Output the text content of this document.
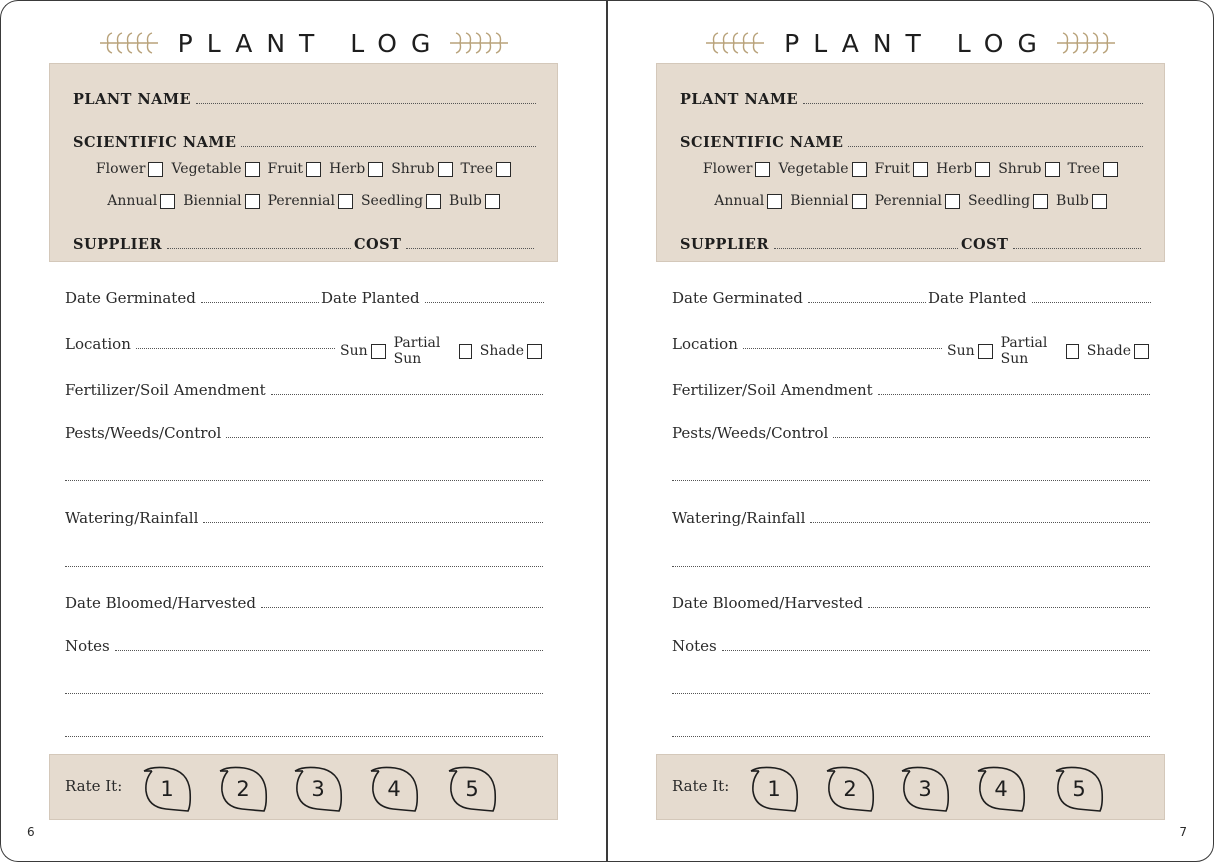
PLANT LOG
PLANT NAME
SCIENTIFIC NAME
Flower Vegetable Fruit Herb Shrub Tree
Annual Biennial Perennial Seedling Bulb
SUPPLIER	COST
Date Germinated	Date Planted
Location	Sun Partial Sun	Shade
Fertilizer/Soil Amendment
Pests/Weeds/Control
Watering/Rainfall
Date Bloomed/Harvested
Notes
Rate It:	1	2	3	4	5
6
PLANT LOG
PLANT NAME
SCIENTIFIC NAME
Flower Vegetable Fruit Herb Shrub Tree
Annual Biennial Perennial Seedling Bulb
SUPPLIER	COST
Date Germinated	Date Planted
Location	Sun Partial Sun	Shade
Fertilizer/Soil Amendment
Pests/Weeds/Control
Watering/Rainfall
Date Bloomed/Harvested
Notes
Rate It:	1	2	3	4	5
7
